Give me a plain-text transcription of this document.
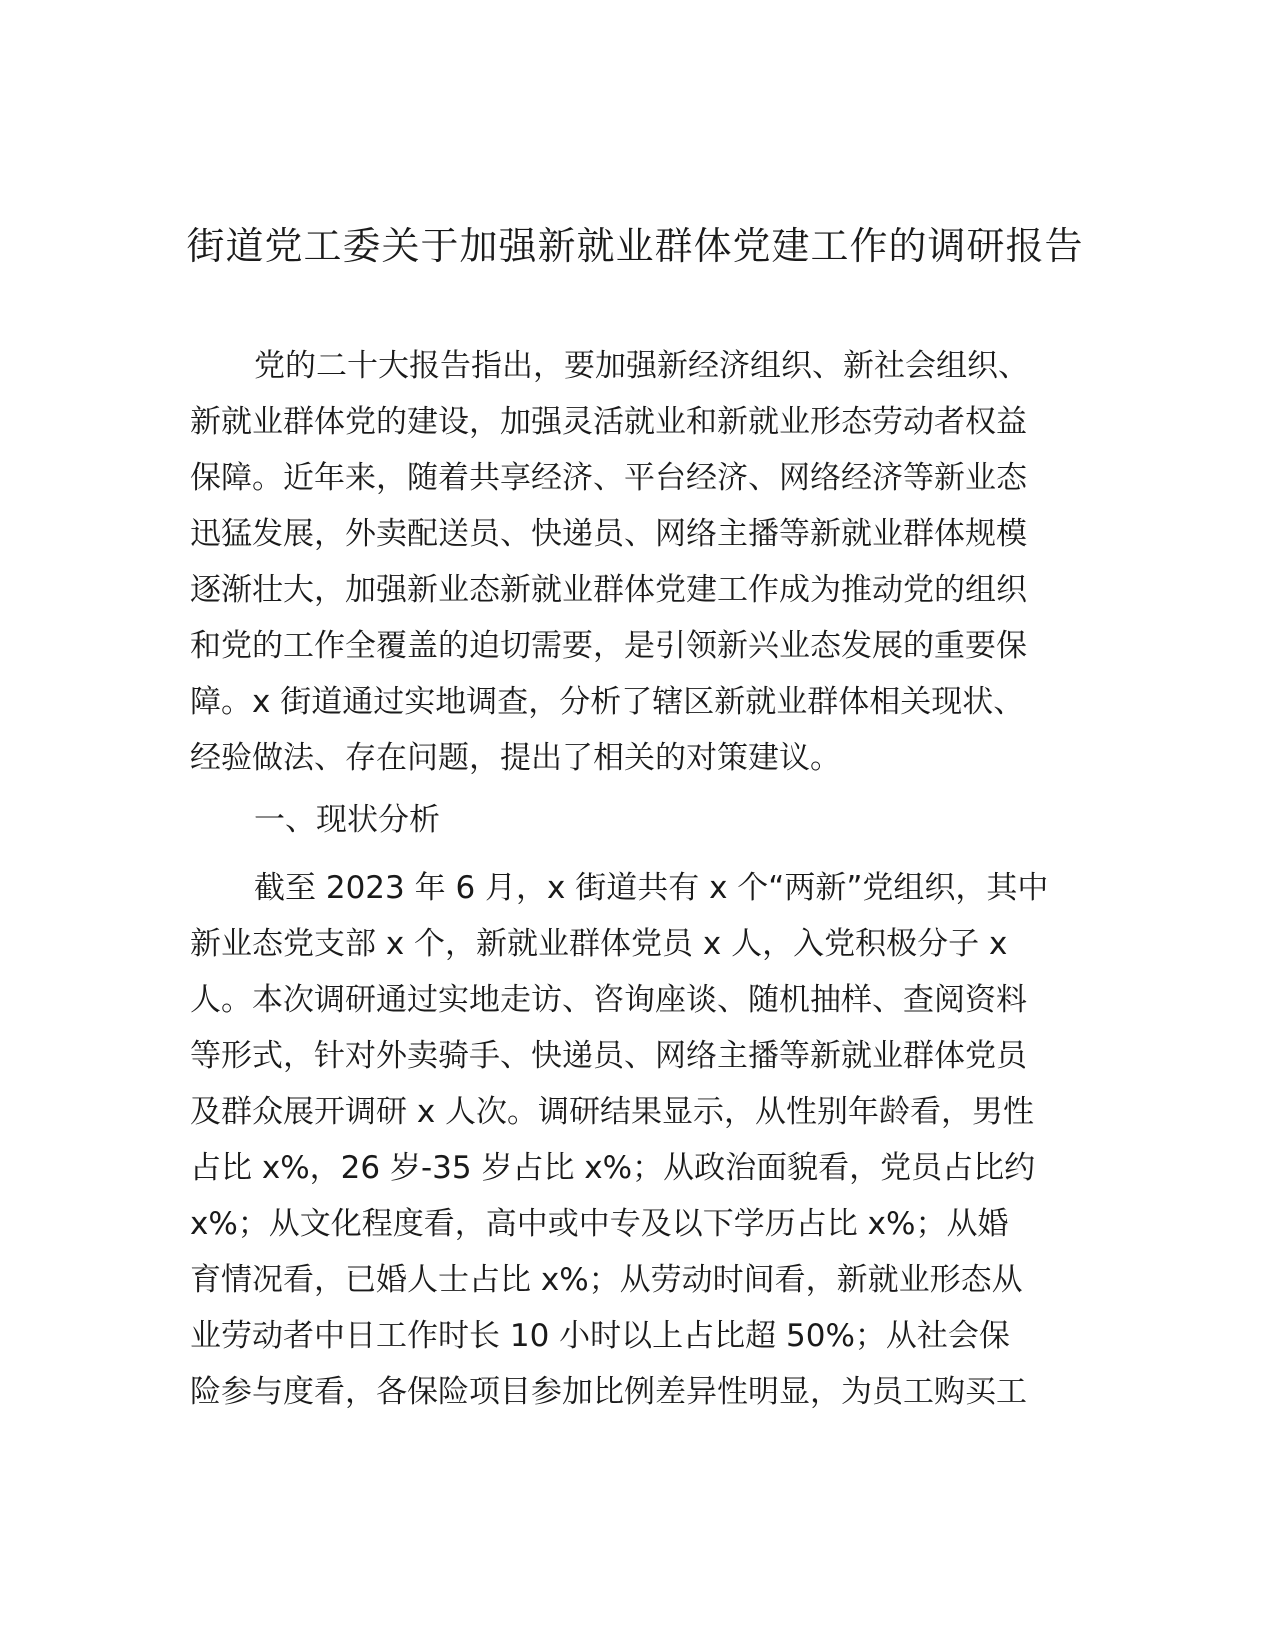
街道党工委关于加强新就业群体党建工作的调研报告

党的二十大报告指出，要加强新经济组织、新社会组织、

新就业群体党的建设，加强灵活就业和新就业形态劳动者权益

保障。近年来，随着共享经济、平台经济、网络经济等新业态

迅猛发展，外卖配送员、快递员、网络主播等新就业群体规模

逐渐壮大，加强新业态新就业群体党建工作成为推动党的组织

和党的工作全覆盖的迫切需要，是引领新兴业态发展的重要保

障。x 街道通过实地调查，分析了辖区新就业群体相关现状、

经验做法、存在问题，提出了相关的对策建议。

一、现状分析

截至 2023 年 6 月，x 街道共有 x 个“两新”党组织，其中

新业态党支部 x 个，新就业群体党员 x 人，入党积极分子 x

人。本次调研通过实地走访、咨询座谈、随机抽样、查阅资料

等形式，针对外卖骑手、快递员、网络主播等新就业群体党员

及群众展开调研 x 人次。调研结果显示，从性别年龄看，男性

占比 x%，26 岁-35 岁占比 x%；从政治面貌看，党员占比约

x%；从文化程度看，高中或中专及以下学历占比 x%；从婚

育情况看，已婚人士占比 x%；从劳动时间看，新就业形态从

业劳动者中日工作时长 10 小时以上占比超 50%；从社会保

险参与度看，各保险项目参加比例差异性明显，为员工购买工
